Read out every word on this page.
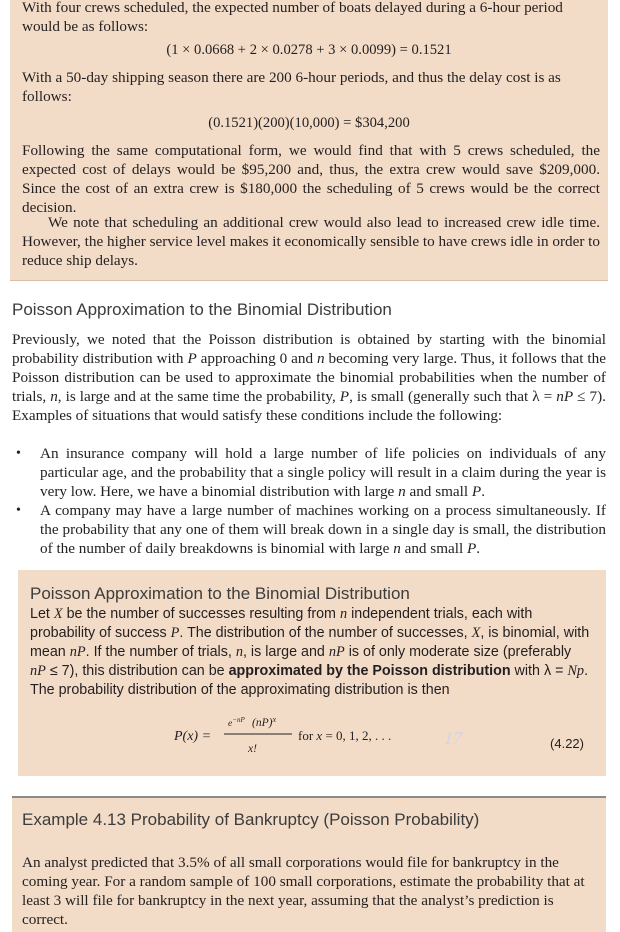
With four crews scheduled, the expected number of boats delayed during a 6-hour period would be as follows:

(1 × 0.0668 + 2 × 0.0278 + 3 × 0.0099) = 0.1521

With a 50-day shipping season there are 200 6-hour periods, and thus the delay cost is as follows:

(0.1521)(200)(10,000) = $304,200

Following the same computational form, we would find that with 5 crews scheduled, the expected cost of delays would be $95,200 and, thus, the extra crew would save $209,000. Since the cost of an extra crew is $180,000 the scheduling of 5 crews would be the correct decision.

We note that scheduling an additional crew would also lead to increased crew idle time. However, the higher service level makes it economically sensible to have crews idle in order to reduce ship delays.

Poisson Approximation to the Binomial Distribution

Previously, we noted that the Poisson distribution is obtained by starting with the binomial probability distribution with P approaching 0 and n becoming very large. Thus, it follows that the Poisson distribution can be used to approximate the binomial probabilities when the number of trials, n, is large and at the same time the probability, P, is small (generally such that λ = nP ≤ 7). Examples of situations that would satisfy these conditions include the following:

• An insurance company will hold a large number of life policies on individuals of any particular age, and the probability that a single policy will result in a claim during the year is very low. Here, we have a binomial distribution with large n and small P.
• A company may have a large number of machines working on a process simultaneously. If the probability that any one of them will break down in a single day is small, the distribution of the number of daily breakdowns is binomial with large n and small P.
Poisson Approximation to the Binomial Distribution

Let X be the number of successes resulting from n independent trials, each with probability of success P. The distribution of the number of successes, X, is binomial, with mean nP. If the number of trials, n, is large and nP is of only moderate size (preferably nP ≤ 7), this distribution can be approximated by the Poisson distribution with λ = Np. The probability distribution of the approximating distribution is then

P(x) =
$e^{-nP}$ (nP)$^x$
x!
for x = 0, 1, 2, . . .	17	(4.22)
Example 4.13 Probability of Bankruptcy (Poisson Probability)

An analyst predicted that 3.5% of all small corporations would file for bankruptcy in the coming year. For a random sample of 100 small corporations, estimate the probability that at least 3 will file for bankruptcy in the next year, assuming that the analyst’s prediction is correct.
